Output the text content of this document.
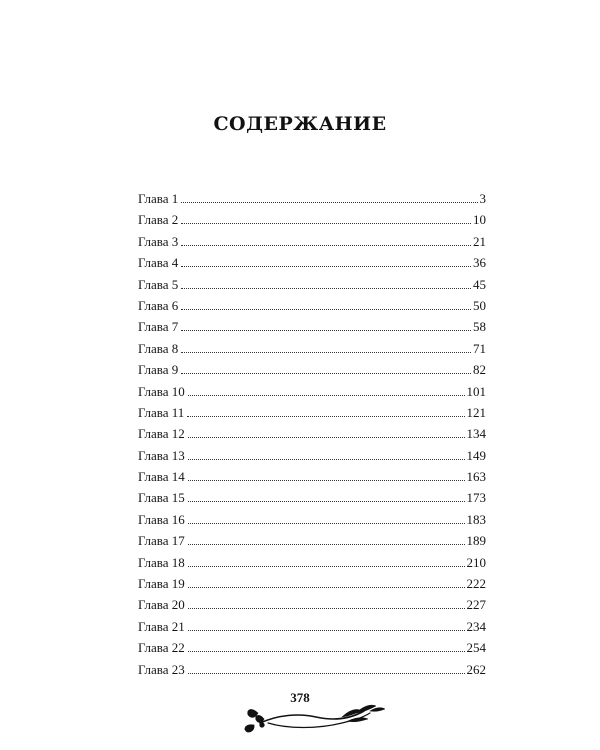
СОДЕРЖАНИЕ
Глава 1	3
Глава 2	10
Глава 3	21
Глава 4	36
Глава 5	45
Глава 6	50
Глава 7	58
Глава 8	71
Глава 9	82
Глава 10	101
Глава 11	121
Глава 12	134
Глава 13	149
Глава 14	163
Глава 15	173
Глава 16	183
Глава 17	189
Глава 18	210
Глава 19	222
Глава 20	227
Глава 21	234
Глава 22	254
Глава 23	262
378
